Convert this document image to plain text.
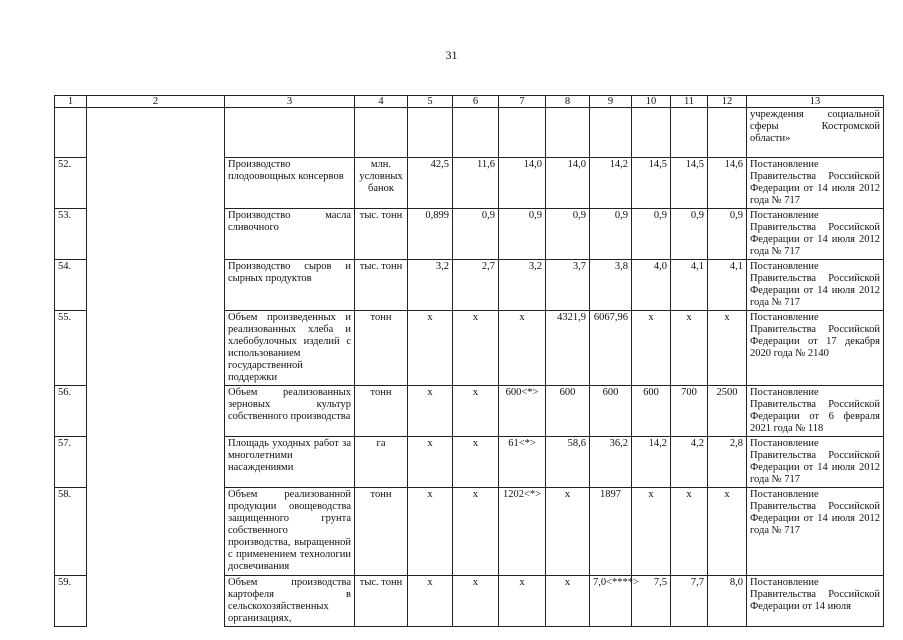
31
1	2	3	4	5	6	7	8	9	10	11	12	13
												учреждения социальной сферы Костромской области»
52.		Производство плодоовощных консервов	млн. условных банок	42,5	11,6	14,0	14,0	14,2	14,5	14,5	14,6	Постановление Правительства Российской Федерации от 14 июля 2012 года № 717
53.		Производство масла сливочного	тыс. тонн	0,899	0,9	0,9	0,9	0,9	0,9	0,9	0,9	Постановление Правительства Российской Федерации от 14 июля 2012 года № 717
54.		Производство сыров и сырных продуктов	тыс. тонн	3,2	2,7	3,2	3,7	3,8	4,0	4,1	4,1	Постановление Правительства Российской Федерации от 14 июля 2012 года № 717
55.		Объем произведенных и реализованных хлеба и хлебобулочных изделий с использованием государственной поддержки	тонн	x	x	x	4321,9	6067,96	x	x	x	Постановление Правительства Российской Федерации от 17 декабря 2020 года № 2140
56.		Объем реализованных зерновых культур собственного производства	тонн	x	x	600<*>	600	600	600	700	2500	Постановление Правительства Российской Федерации от 6 февраля 2021 года № 118
57.		Площадь уходных работ за многолетними насаждениями	га	x	x	61<*>	58,6	36,2	14,2	4,2	2,8	Постановление Правительства Российской Федерации от 14 июля 2012 года № 717
58.		Объем реализованной продукции овощеводства защищенного грунта собственного производства, выращенной с применением технологии досвечивания	тонн	x	x	1202<*>	x	1897	x	x	x	Постановление Правительства Российской Федерации от 14 июля 2012 года № 717
59.		Объем производства картофеля в сельскохозяйственных организациях,	тыс. тонн	x	x	x	x	7,0<****>	7,5	7,7	8,0	Постановление Правительства Российской Федерации от 14 июля
